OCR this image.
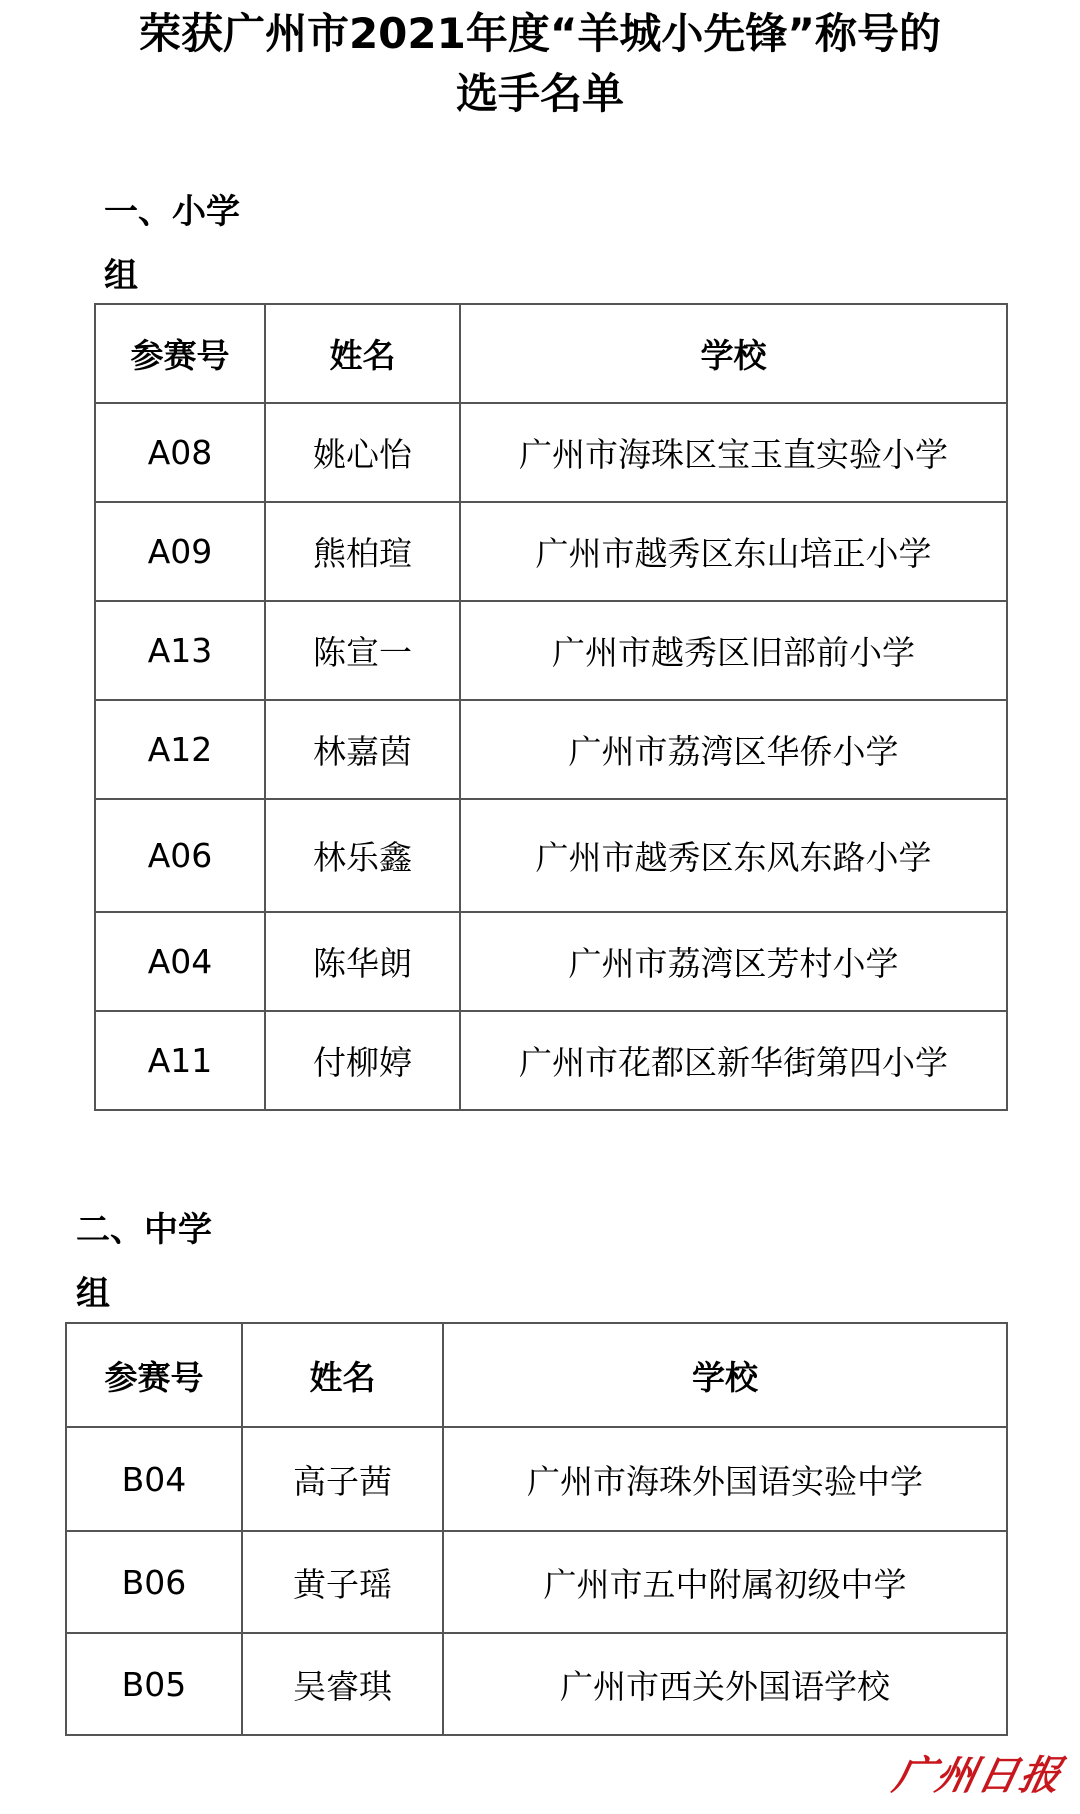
荣获广州市2021年度“羊城小先锋”称号的
选手名单
一、小学
组
参赛号	姓名	学校
A08	姚心怡	广州市海珠区宝玉直实验小学
A09	熊柏瑄	广州市越秀区东山培正小学
A13	陈宣一	广州市越秀区旧部前小学
A12	林嘉茵	广州市荔湾区华侨小学
A06	林乐鑫	广州市越秀区东风东路小学
A04	陈华朗	广州市荔湾区芳村小学
A11	付柳婷	广州市花都区新华街第四小学
二、中学
组
参赛号	姓名	学校
B04	高子茜	广州市海珠外国语实验中学
B06	黄子瑶	广州市五中附属初级中学
B05	吴睿琪	广州市西关外国语学校
广州日报
